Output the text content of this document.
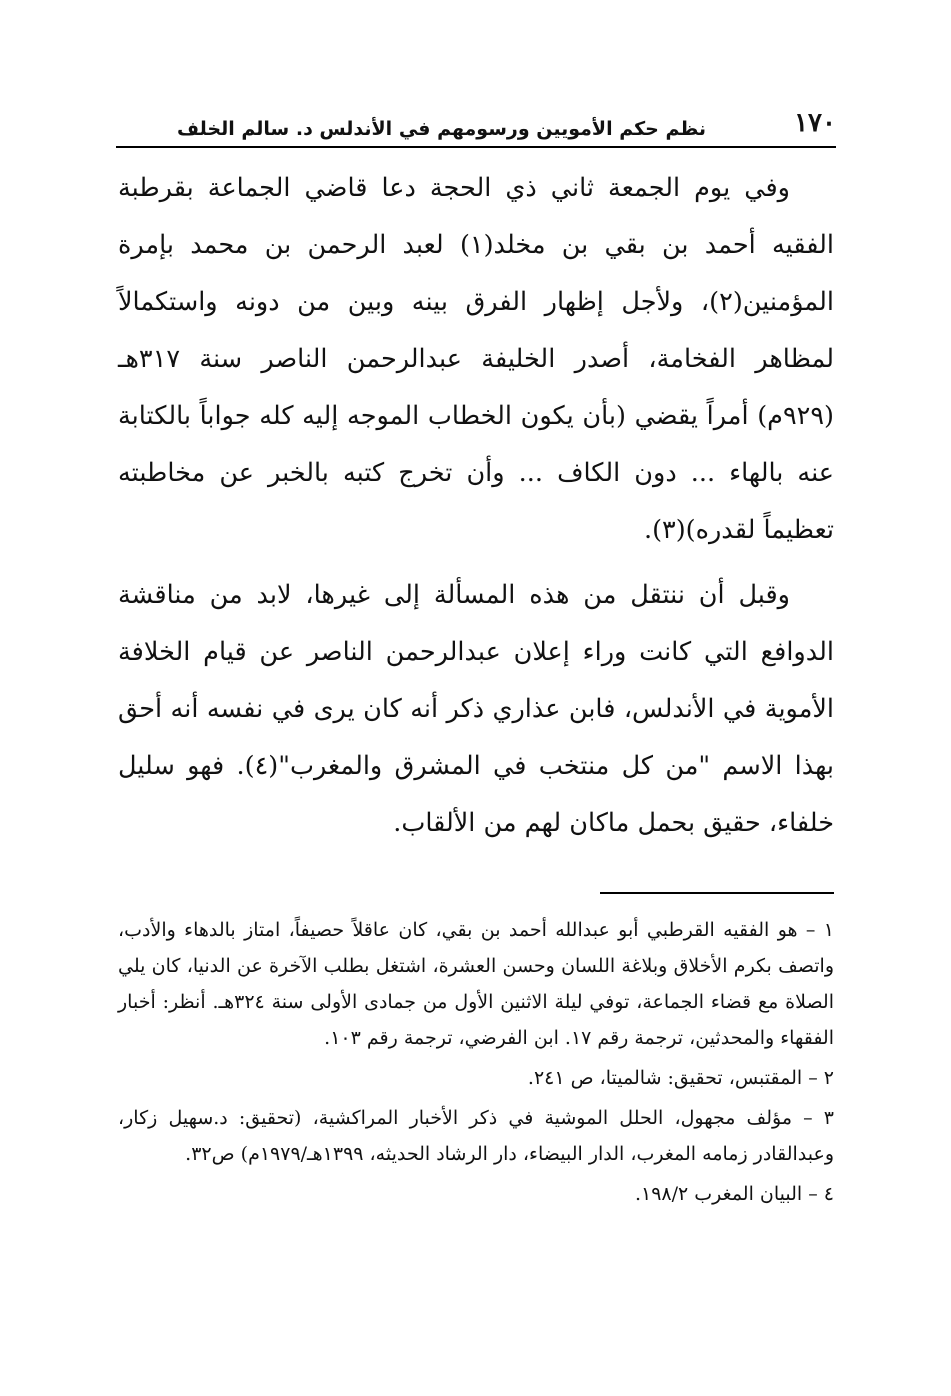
١٧٠
نظم حكم الأمويين ورسومهم في الأندلس د. سالم الخلف

وفي يوم الجمعة ثاني ذي الحجة دعا قاضي الجماعة بقرطبة الفقيه أحمد بن بقي بن مخلد(١) لعبد الرحمن بن محمد بإمرة المؤمنين(٢)، ولأجل إظهار الفرق بينه وبين من دونه واستكمالاً لمظاهر الفخامة، أصدر الخليفة عبدالرحمن الناصر سنة ٣١٧هـ (٩٢٩م) أمراً يقضي (بأن يكون الخطاب الموجه إليه كله جواباً بالكتابة عنه بالهاء ... دون الكاف ... وأن تخرج كتبه بالخبر عن مخاطبته تعظيماً لقدره)(٣).

وقبل أن ننتقل من هذه المسألة إلى غيرها، لابد من مناقشة الدوافع التي كانت وراء إعلان عبدالرحمن الناصر عن قيام الخلافة الأموية في الأندلس، فابن عذاري ذكر أنه كان يرى في نفسه أنه أحق بهذا الاسم "من كل منتخب في المشرق والمغرب"(٤). فهو سليل خلفاء، حقيق بحمل ماكان لهم من الألقاب.

١ – هو الفقيه القرطبي أبو عبدالله أحمد بن بقي، كان عاقلاً حصيفاً، امتاز بالدهاء والأدب، واتصف بكرم الأخلاق وبلاغة اللسان وحسن العشرة، اشتغل بطلب الآخرة عن الدنيا، كان يلي الصلاة مع قضاء الجماعة، توفي ليلة الاثنين الأول من جمادى الأولى سنة ٣٢٤هـ. أنظر: أخبار الفقهاء والمحدثين، ترجمة رقم ١٧. ابن الفرضي، ترجمة رقم ١٠٣.

٢ – المقتبس، تحقيق: شالميتا، ص ٢٤١.

٣ – مؤلف مجهول، الحلل الموشية في ذكر الأخبار المراكشية، (تحقيق: د.سهيل زكار، وعبدالقادر زمامه المغرب، الدار البيضاء، دار الرشاد الحديثه، ١٣٩٩هـ/١٩٧٩م) ص٣٢.

٤ – البيان المغرب ١٩٨/٢.
